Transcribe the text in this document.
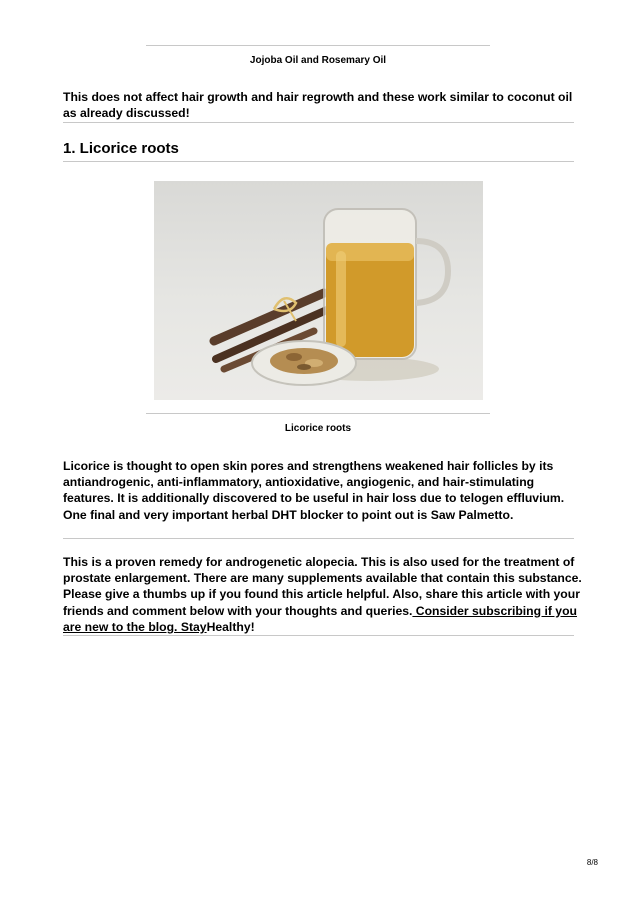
Jojoba Oil and Rosemary Oil
This does not affect hair growth and hair regrowth and these work similar to coconut oil as already discussed!
1. Licorice roots
Licorice roots
Licorice is thought to open skin pores and strengthens weakened hair follicles by its antiandrogenic, anti-inflammatory, antioxidative, angiogenic, and hair-stimulating features. It is additionally discovered to be useful in hair loss due to telogen effluvium. One final and very important herbal DHT blocker to point out is Saw Palmetto.
This is a proven remedy for androgenetic alopecia. This is also used for the treatment of prostate enlargement. There are many supplements available that contain this substance. Please give a thumbs up if you found this article helpful. Also, share this article with your friends and comment below with your thoughts and queries. Consider subscribing if you are new to the blog. StayHealthy!
8/8
